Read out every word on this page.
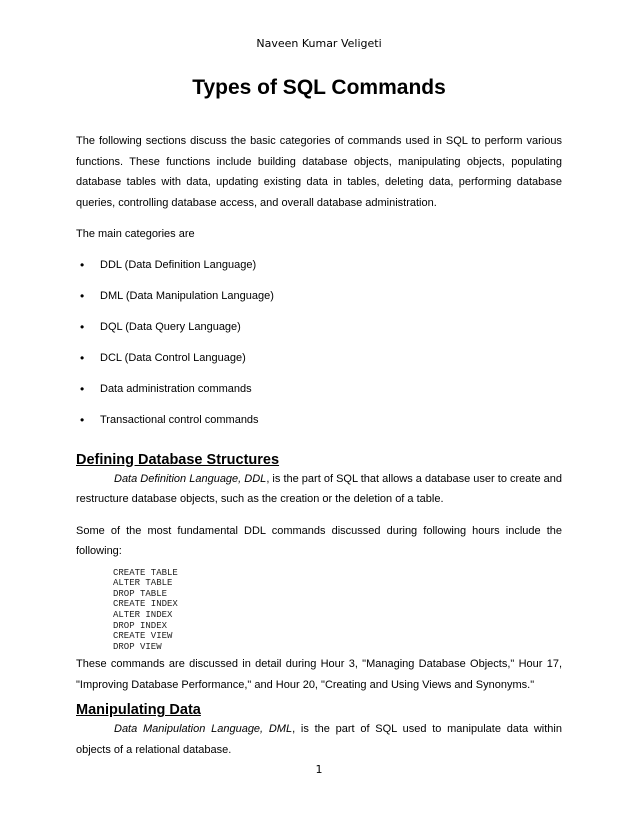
Naveen Kumar Veligeti
Types of SQL Commands

The following sections discuss the basic categories of commands used in SQL to perform various functions. These functions include building database objects, manipulating objects, populating database tables with data, updating existing data in tables, deleting data, performing database queries, controlling database access, and overall database administration.

The main categories are

• DDL (Data Definition Language)
• DML (Data Manipulation Language)
• DQL (Data Query Language)
• DCL (Data Control Language)
• Data administration commands
• Transactional control commands
Defining Database Structures

Data Definition Language, DDL, is the part of SQL that allows a database user to create and restructure database objects, such as the creation or the deletion of a table.

Some of the most fundamental DDL commands discussed during following hours include the following:

CREATE TABLE
ALTER TABLE
DROP TABLE
CREATE INDEX
ALTER INDEX
DROP INDEX
CREATE VIEW
DROP VIEW

These commands are discussed in detail during Hour 3, "Managing Database Objects," Hour 17, "Improving Database Performance," and Hour 20, "Creating and Using Views and Synonyms."

Manipulating Data

Data Manipulation Language, DML, is the part of SQL used to manipulate data within objects of a relational database.

1
